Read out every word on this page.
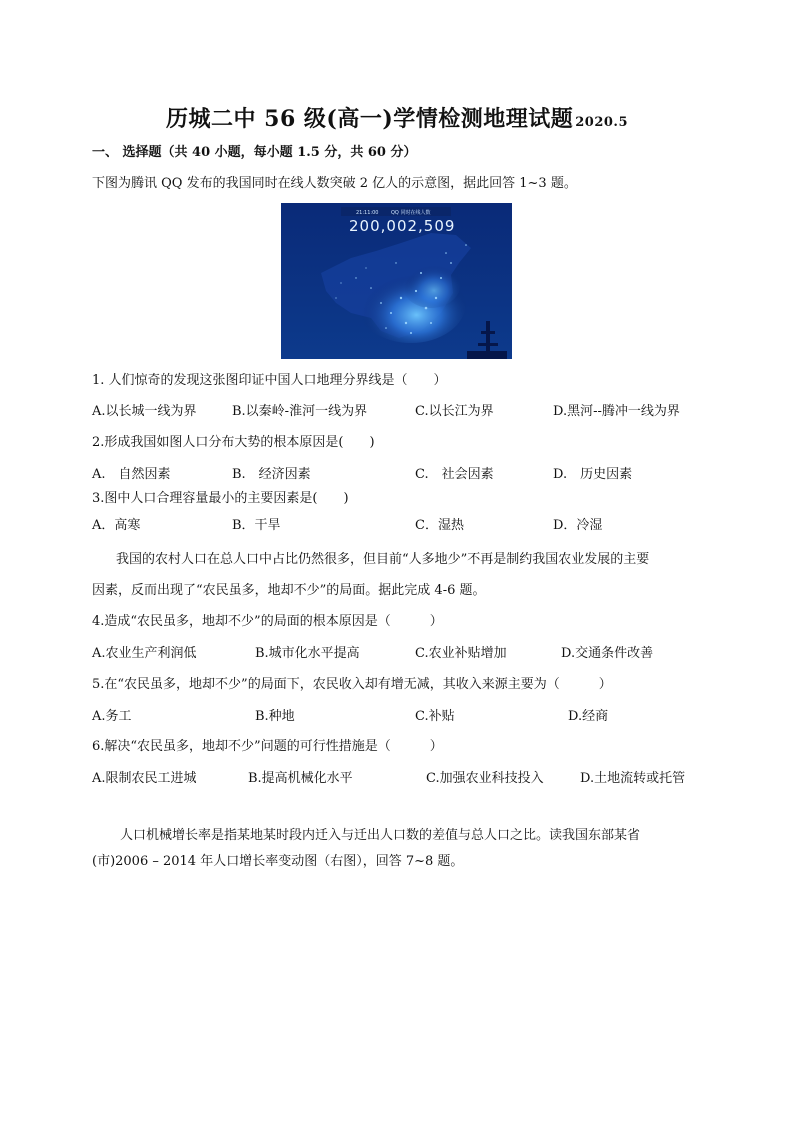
历城二中 56 级(高一)学情检测地理试题 2020.5
一、 选择题（共 40 小题，每小题 1.5 分，共 60 分）
下图为腾讯 QQ 发布的我国同时在线人数突破 2 亿人的示意图，据此回答 1~3 题。
21:11:00	QQ 同时在线人数
200,002,509
1. 人们惊奇的发现这张图印证中国人口地理分界线是（　　）
A.以长城一线为界	B.以秦岭-淮河一线为界	C.以长江为界	D.黑河--腾冲一线为界
2.形成我国如图人口分布大势的根本原因是(　　)
A.　自然因素	B.　经济因素	C.　社会因素	D.　历史因素
3.图中人口合理容量最小的主要因素是(　　)
A．高寒	B．干旱	C．湿热	D．冷湿
我国的农村人口在总人口中占比仍然很多，但目前“人多地少”不再是制约我国农业发展的主要
因素，反而出现了“农民虽多，地却不少”的局面。据此完成 4-6 题。
4.造成“农民虽多，地却不少”的局面的根本原因是（　　　）
A.农业生产利润低	B.城市化水平提高	C.农业补贴增加	D.交通条件改善
5.在“农民虽多，地却不少”的局面下，农民收入却有增无减，其收入来源主要为（　　　）
A.务工	B.种地	C.补贴	D.经商
6.解决“农民虽多，地却不少”问题的可行性措施是（　　　）
A.限制农民工进城	B.提高机械化水平	C.加强农业科技投入	D.土地流转或托管
人口机械增长率是指某地某时段内迁入与迁出人口数的差值与总人口之比。读我国东部某省
(市)2006 – 2014 年人口增长率变动图（右图），回答 7~8 题。
